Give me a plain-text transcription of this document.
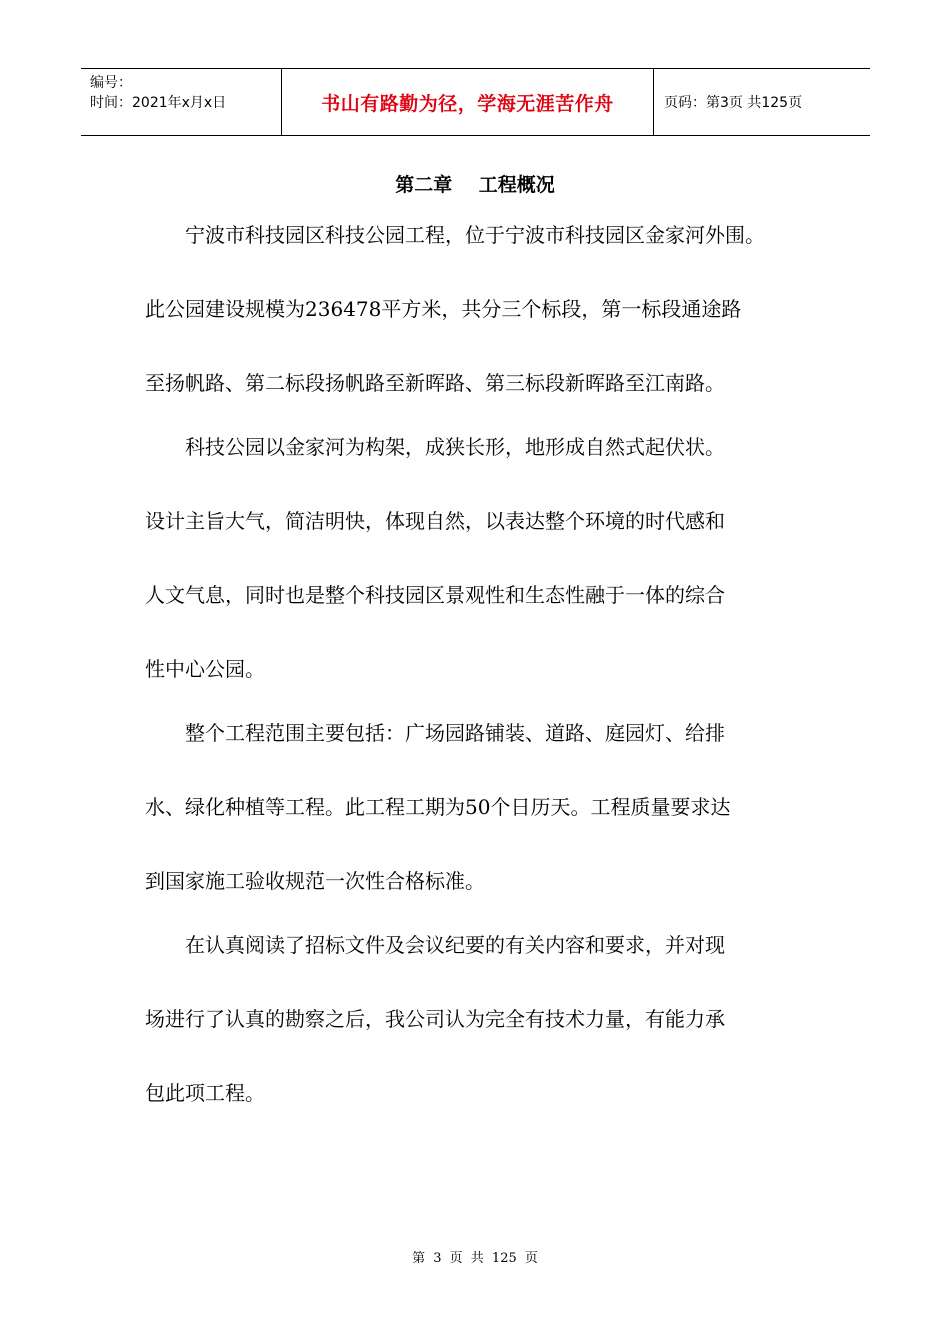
编号：
时间：2021年x月x日	书山有路勤为径，学海无涯苦作舟	页码：第3页 共125页
第二章    工程概况
宁波市科技园区科技公园工程，位于宁波市科技园区金家河外围。
此公园建设规模为236478平方米，共分三个标段，第一标段通途路
至扬帆路、第二标段扬帆路至新晖路、第三标段新晖路至江南路。
科技公园以金家河为构架，成狭长形，地形成自然式起伏状。
设计主旨大气，简洁明快，体现自然，以表达整个环境的时代感和
人文气息，同时也是整个科技园区景观性和生态性融于一体的综合
性中心公园。
整个工程范围主要包括：广场园路铺装、道路、庭园灯、给排
水、绿化种植等工程。此工程工期为50个日历天。工程质量要求达
到国家施工验收规范一次性合格标准。
在认真阅读了招标文件及会议纪要的有关内容和要求，并对现
场进行了认真的勘察之后，我公司认为完全有技术力量，有能力承
包此项工程。
第 3 页 共 125 页
